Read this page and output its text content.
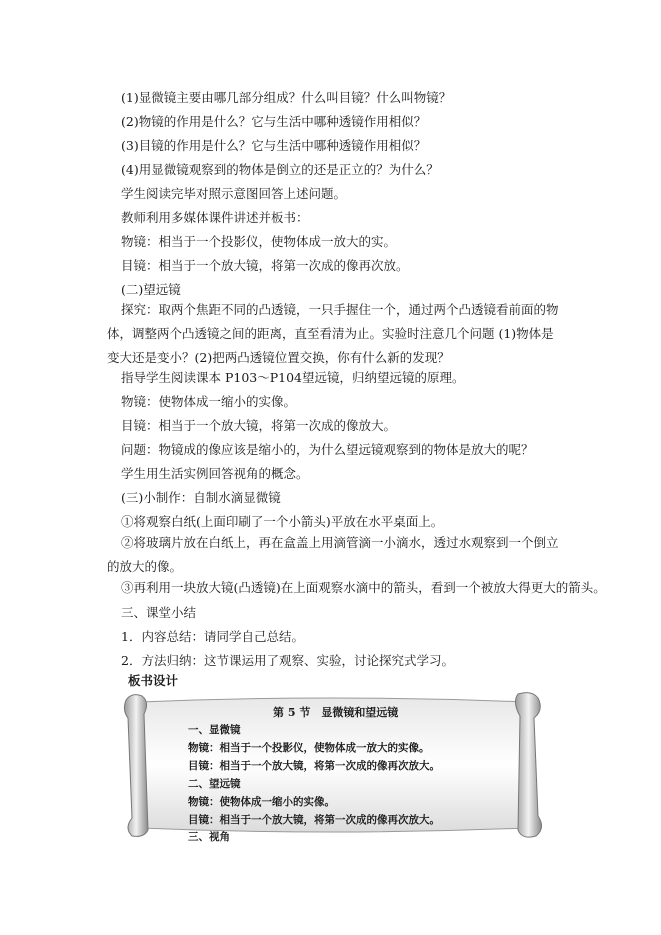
(1)显微镜主要由哪几部分组成？什么叫目镜？什么叫物镜？
(2)物镜的作用是什么？它与生活中哪种透镜作用相似？
(3)目镜的作用是什么？它与生活中哪种透镜作用相似？
(4)用显微镜观察到的物体是倒立的还是正立的？为什么？
学生阅读完毕对照示意图回答上述问题。
教师利用多媒体课件讲述并板书：
物镜：相当于一个投影仪，使物体成一放大的实。
目镜：相当于一个放大镜，将第一次成的像再次放。
(二)望远镜
探究：取两个焦距不同的凸透镜，一只手握住一个，通过两个凸透镜看前面的物体，调整两个凸透镜之间的距离，直至看清为止。实验时注意几个问题 (1)物体是变大还是变小？(2)把两凸透镜位置交换，你有什么新的发现？
指导学生阅读课本 P103～P104望远镜，归纳望远镜的原理。
物镜：使物体成一缩小的实像。
目镜：相当于一个放大镜，将第一次成的像放大。
问题：物镜成的像应该是缩小的，为什么望远镜观察到的物体是放大的呢？
学生用生活实例回答视角的概念。
(三)小制作：自制水滴显微镜
①将观察白纸(上面印刷了一个小箭头)平放在水平桌面上。
②将玻璃片放在白纸上，再在盒盖上用滴管滴一小滴水，透过水观察到一个倒立的放大的像。
③再利用一块放大镜(凸透镜)在上面观察水滴中的箭头，看到一个被放大得更大的箭头。
三、课堂小结
1．内容总结：请同学自己总结。
2．方法归纳：这节课运用了观察、实验，讨论探究式学习。
板书设计
第 5 节　显微镜和望远镜
一、显微镜
物镜：相当于一个投影仪，使物体成一放大的实像。
目镜：相当于一个放大镜，将第一次成的像再次放大。
二、望远镜
物镜：使物体成一缩小的实像。
目镜：相当于一个放大镜，将第一次成的像再次放大。
三、视角
